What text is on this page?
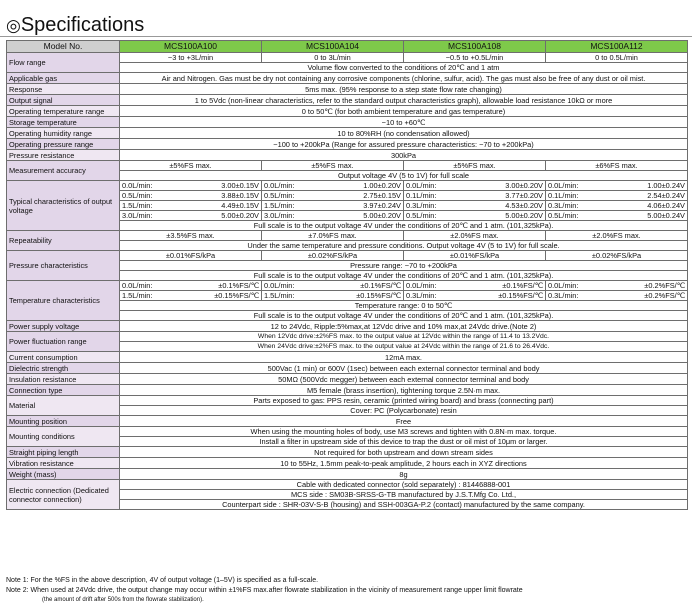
◎Specifications
Model No.	MCS100A100	MCS100A104	MCS100A108	MCS100A112
Flow range	−3 to +3L/min	0 to 3L/min	−0.5 to +0.5L/min	0 to 0.5L/min
	Volume flow converted to the conditions of 20℃ and 1 atm			
Applicable gas	Air and Nitrogen. Gas must be dry not containing any corrosive components (chlorine, sulfur, acid). The gas must also be free of any dust or oil mist.			
Response	5ms max. (95% response to a step state flow rate changing)			
Output signal	1 to 5Vdc (non-linear characteristics, refer to the standard output characteristics graph), allowable load resistance 10kΩ or more			
Operating temperature range	0 to 50℃ (for both ambient temperature and gas temperature)			
Storage temperature	−10 to +60℃			
Operating humidity range	10 to 80%RH (no condensation allowed)			
Operating pressure range	−100 to +200kPa (Range for assured pressure characteristics: −70 to +200kPa)			
Pressure resistance	300kPa			
Measurement accuracy	±5%FS max.	±5%FS max.	±5%FS max.	±6%FS max.
	Output voltage 4V (5 to 1V) for full scale			
Typical characteristics of output voltage	0.0L/min: 3.00±0.15V	0.0L/min: 1.00±0.20V	0.0L/min: 3.00±0.20V	0.0L/min: 1.00±0.24V

	0.5L/min: 3.88±0.15V	0.5L/min: 2.75±0.15V	0.1L/min: 3.77±0.20V	0.1L/min: 2.54±0.24V

	1.5L/min: 4.49±0.15V	1.5L/min: 3.97±0.24V	0.3L/min: 4.53±0.20V	0.3L/min: 4.06±0.24V

	3.0L/min: 5.00±0.20V	3.0L/min: 5.00±0.20V	0.5L/min: 5.00±0.20V	0.5L/min: 5.00±0.24V

	Full scale is to the output voltage 4V under the conditions of 20℃ and 1 atm. (101,325kPa).			
Repeatability	±3.5%FS max.	±7.0%FS max.	±2.0%FS max.	±2.0%FS max.
	Under the same temperature and pressure conditions. Output voltage 4V (5 to 1V) for full scale.			
Pressure characteristics	±0.01%FS/kPa	±0.02%FS/kPa	±0.01%FS/kPa	±0.02%FS/kPa
	Pressure range: −70 to +200kPa			
	Full scale is to the output voltage 4V under the conditions of 20℃ and 1 atm. (101,325kPa).			
Temperature characteristics	0.0L/min: ±0.1%FS/℃	0.0L/min: ±0.1%FS/℃	0.0L/min: ±0.1%FS/℃	0.0L/min: ±0.2%FS/℃

	1.5L/min: ±0.15%FS/℃	1.5L/min: ±0.15%FS/℃	0.3L/min: ±0.15%FS/℃	0.3L/min: ±0.2%FS/℃

	Temperature range: 0 to 50℃			
	Full scale is to the output voltage 4V under the conditions of 20℃ and 1 atm. (101,325kPa).			
Power supply voltage	12 to 24Vdc, Ripple:5%max,at 12Vdc drive and 10% max,at 24Vdc drive.(Note 2)			
Power fluctuation range	When 12Vdc drive:±2%FS max. to the output value at 12Vdc within the range of 11.4 to 13.2Vdc.			
	When 24Vdc drive:±2%FS max. to the output value at 24Vdc within the range of 21.6 to 26.4Vdc.			
Current consumption	12mA max.			
Dielectric strength	500Vac (1 min) or 600V (1sec) between each external connector terminal and body			
Insulation resistance	50MΩ (500Vdc megger) between each external connector terminal and body			
Connection type	M5 female (brass insertion), tightening torque 2.5N·m max.			
Material	Parts exposed to gas: PPS resin, ceramic (printed wiring board) and brass (connecting part)			
	Cover: PC (Polycarbonate) resin			
Mounting position	Free			
Mounting conditions	When using the mounting holes of body, use M3 screws and tighten with 0.8N·m max. torque.			
	Install a filter in upstream side of this device to trap the dust or oil mist of 10μm or larger.			
Straight piping length	Not required for both upstream and down stream sides			
Vibration resistance	10 to 55Hz, 1.5mm peak-to-peak amplitude, 2 hours each in XYZ directions			
Weight (mass)	8g			
Electric connection (Dedicated connector connection)	Cable with dedicated connector (sold separately) : 81446888-001			
	MCS side : SM03B-SRSS-G-TB manufactured by J.S.T.Mfg Co. Ltd.,			
	Counterpart side : SHR-03V-S-B (housing) and SSH-003GA-P.2 (contact) manufactured by the same company.			
Note 1: For the %FS in the above description, 4V of output voltage (1–5V) is specified as a full-scale.
Note 2: When used at 24Vdc drive, the output change may occur within ±1%FS max.after flowrate stabilization in the vicinity of measurement range upper limit flowrate
(the amount of drift after 500s from the flowrate stabilization).
